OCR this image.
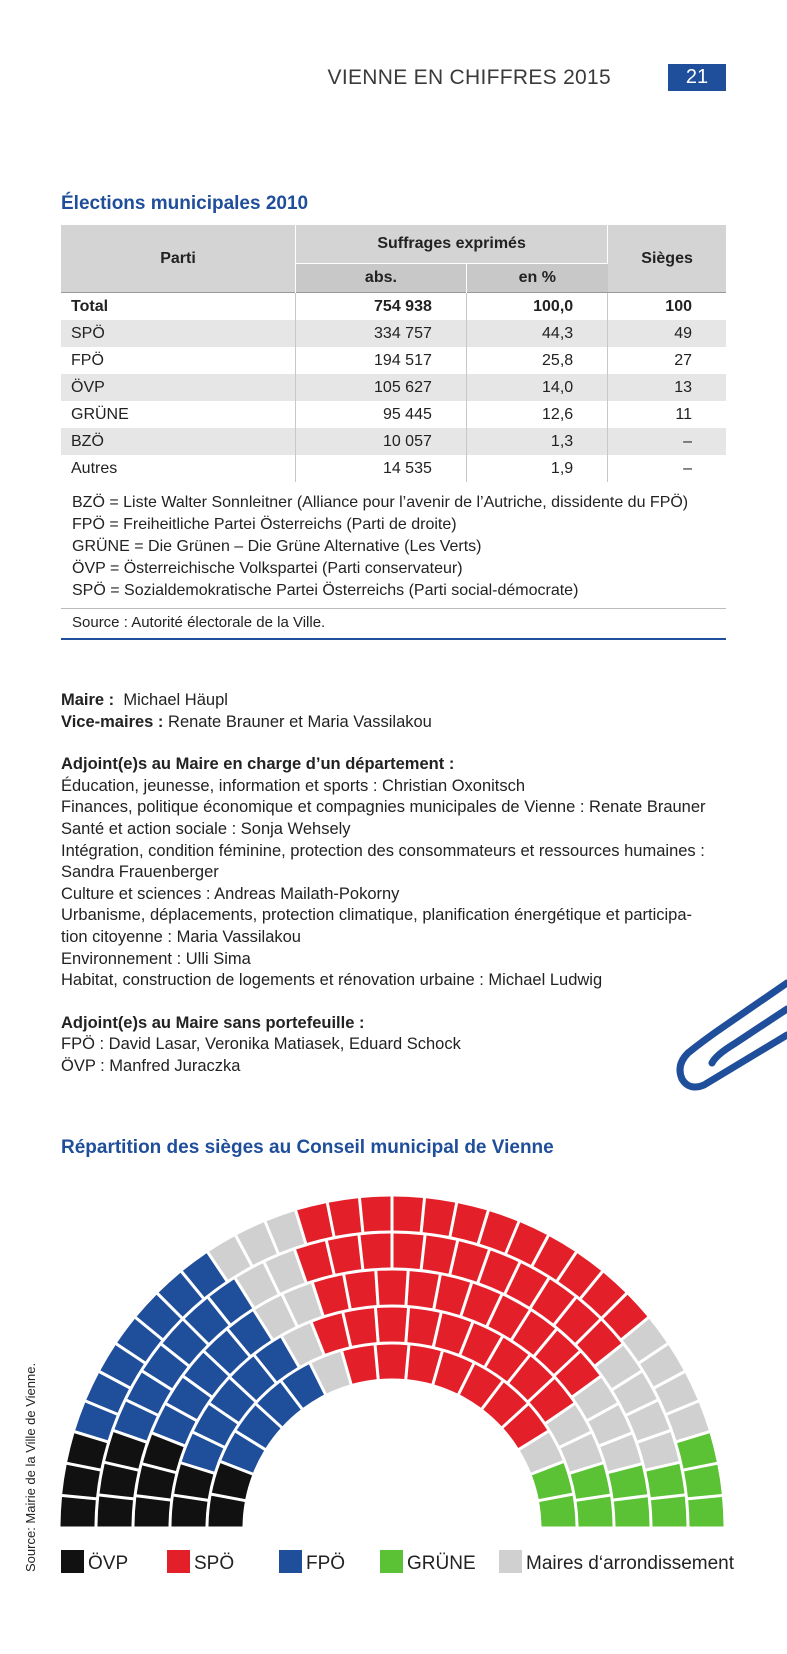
VIENNE EN CHIFFRES 2015	21
Élections municipales 2010
Parti	Suffrages exprimés		Sièges
	abs.	en %	
Total	754 938	100,0	100
SPÖ	334 757	44,3	49
FPÖ	194 517	25,8	27
ÖVP	105 627	14,0	13
GRÜNE	95 445	12,6	11
BZÖ	10 057	1,3	–
Autres	14 535	1,9	–
BZÖ = Liste Walter Sonnleitner (Alliance pour l’avenir de l’Autriche, dissidente du FPÖ)
FPÖ = Freiheitliche Partei Österreichs (Parti de droite)
GRÜNE = Die Grünen – Die Grüne Alternative (Les Verts)
ÖVP = Österreichische Volkspartei (Parti conservateur)
SPÖ = Sozialdemokratische Partei Österreichs (Parti social-démocrate)
Source : Autorité électorale de la Ville.

Maire : Michael Häupl

Vice-maires : Renate Brauner et Maria Vassilakou

Adjoint(e)s au Maire en charge d’un département :

Éducation, jeunesse, information et sports : Christian Oxonitsch

Finances, politique économique et compagnies municipales de Vienne : Renate Brauner

Santé et action sociale : Sonja Wehsely

Intégration, condition féminine, protection des consommateurs et ressources humaines :

Sandra Frauenberger

Culture et sciences : Andreas Mailath-Pokorny

Urbanisme, déplacements, protection climatique, planification énergétique et participa-

tion citoyenne : Maria Vassilakou

Environnement : Ulli Sima

Habitat, construction de logements et rénovation urbaine : Michael Ludwig

Adjoint(e)s au Maire sans portefeuille :

FPÖ : David Lasar, Veronika Matiasek, Eduard Schock

ÖVP : Manfred Juraczka

Répartition des sièges au Conseil municipal de Vienne
ÖVP	SPÖ	FPÖ	GRÜNE	Maires d‘arrondissement
Source: Mairie de la Ville de Vienne.
